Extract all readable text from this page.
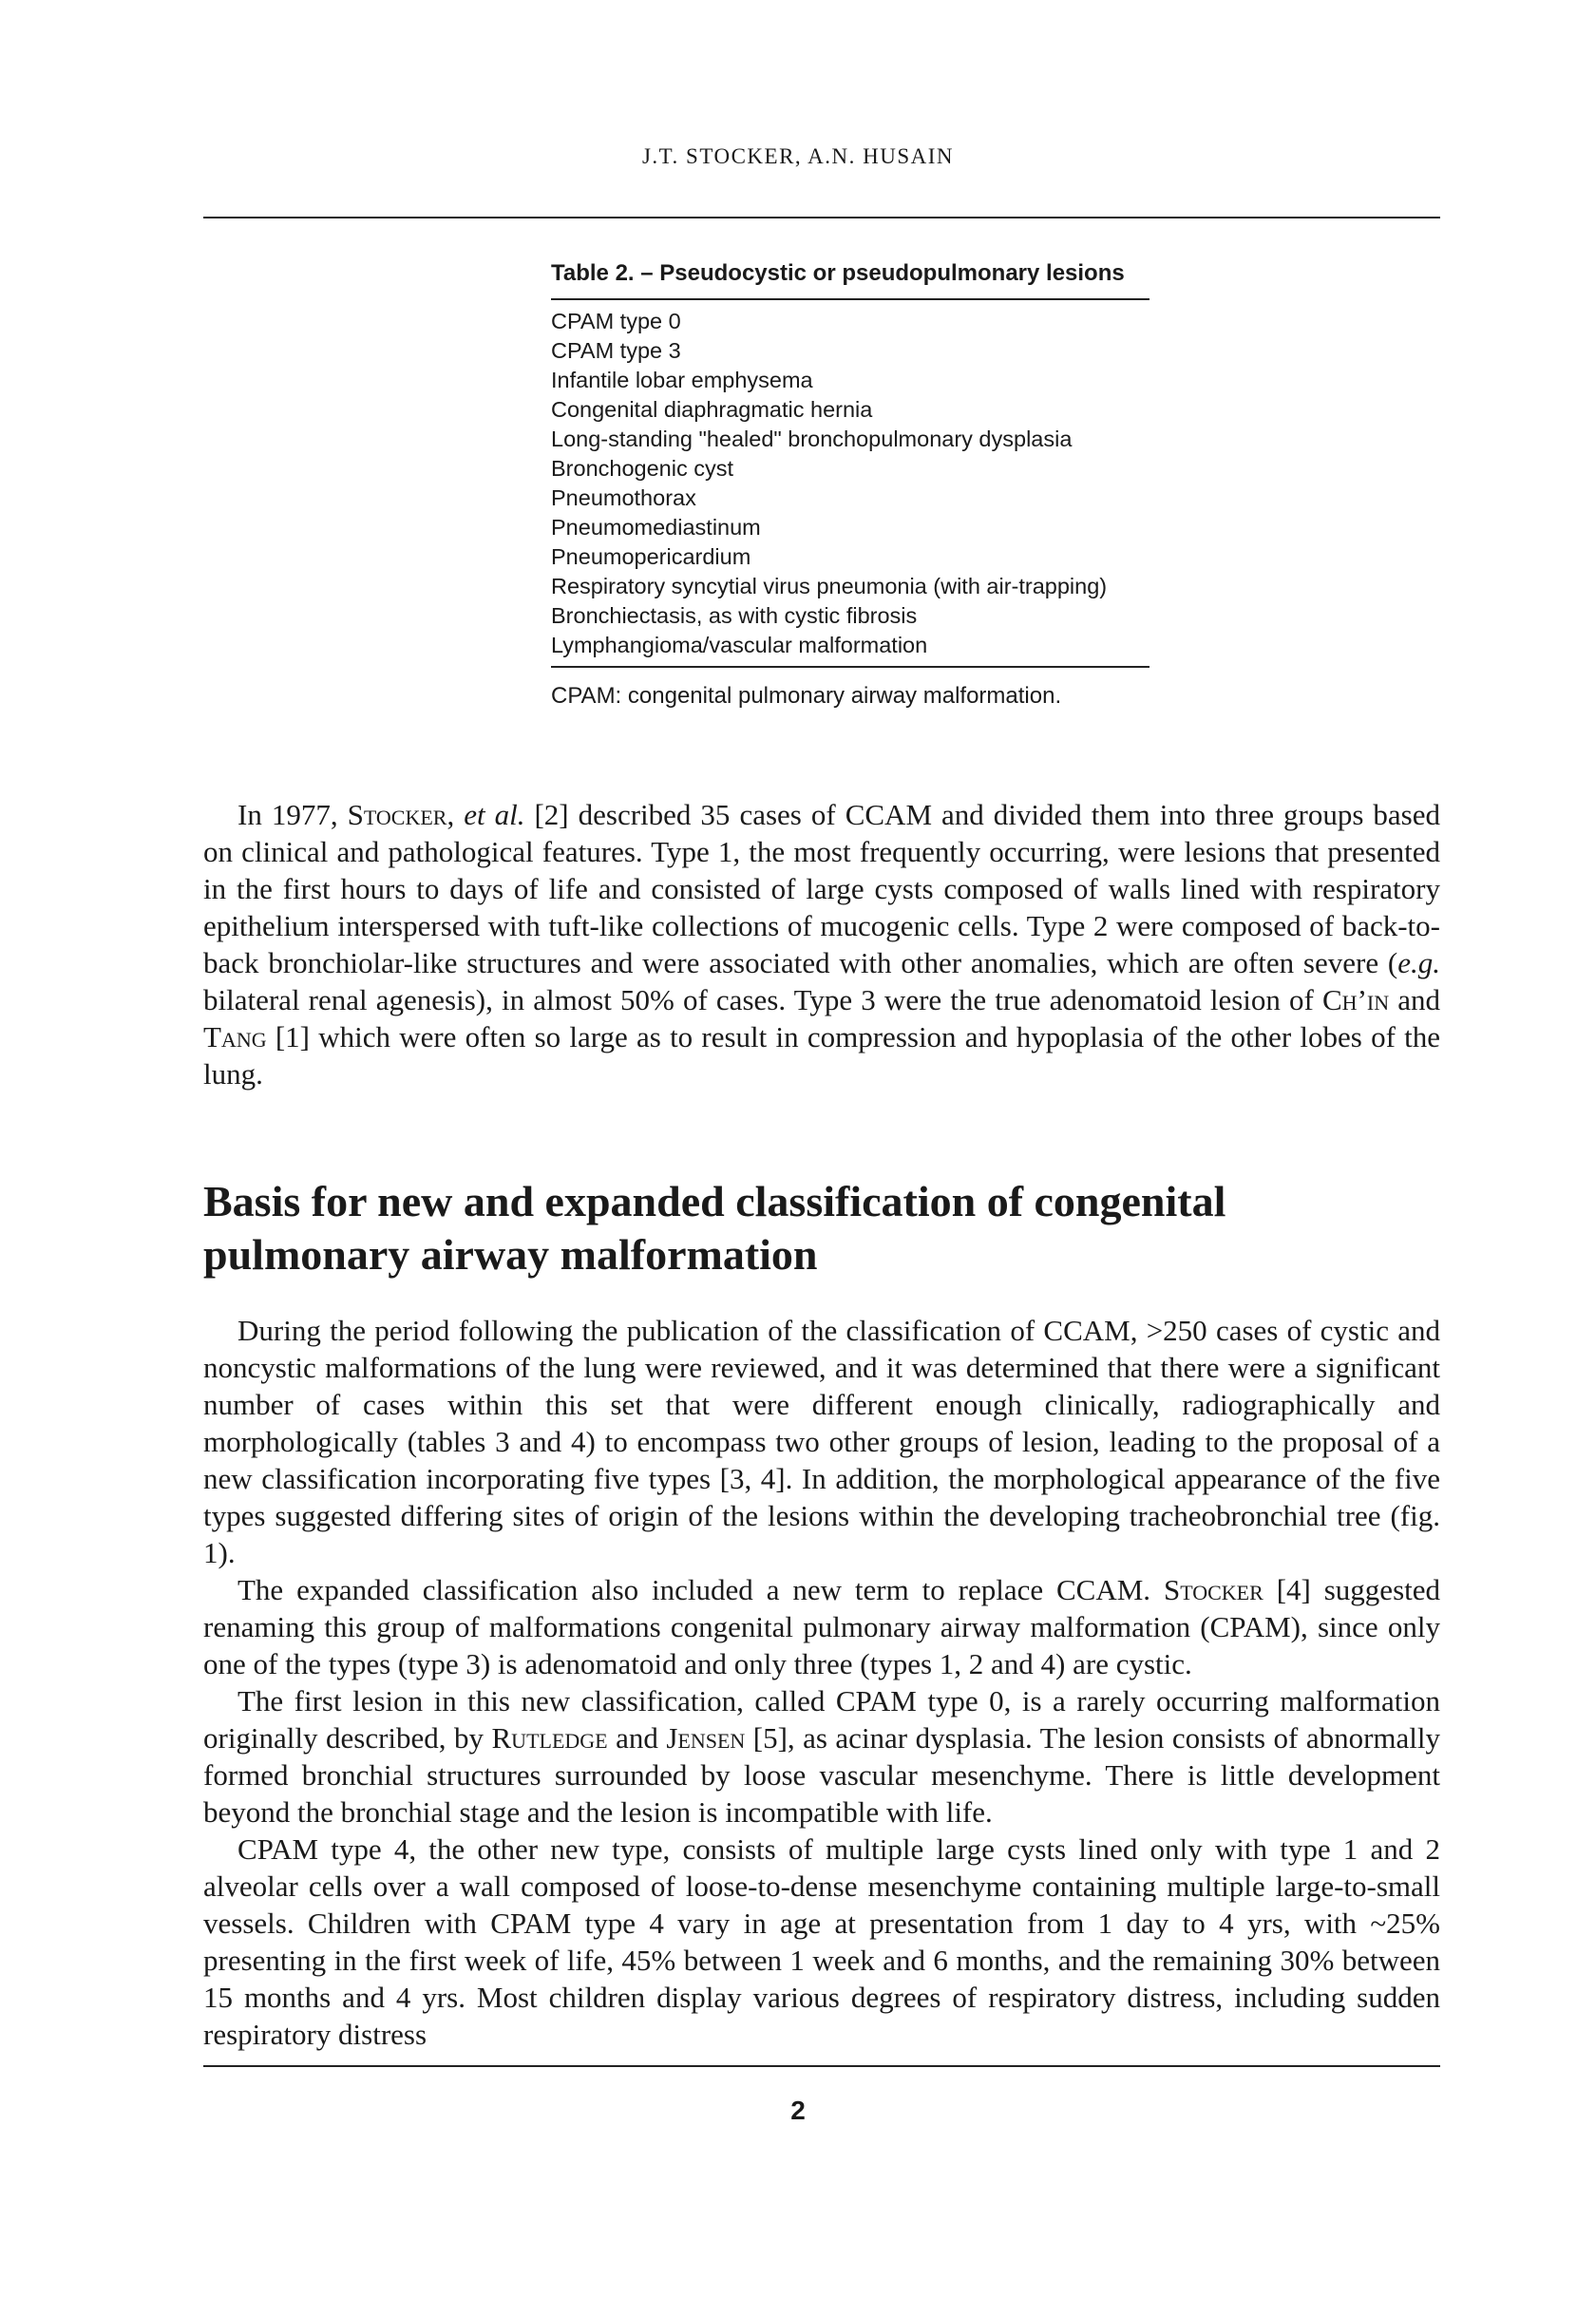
J.T. STOCKER, A.N. HUSAIN
Table 2. – Pseudocystic or pseudopulmonary lesions
CPAM type 0
CPAM type 3
Infantile lobar emphysema
Congenital diaphragmatic hernia
Long-standing "healed" bronchopulmonary dysplasia
Bronchogenic cyst
Pneumothorax
Pneumomediastinum
Pneumopericardium
Respiratory syncytial virus pneumonia (with air-trapping)
Bronchiectasis, as with cystic fibrosis
Lymphangioma/vascular malformation
CPAM: congenital pulmonary airway malformation.

In 1977, Stocker, et al. [2] described 35 cases of CCAM and divided them into three groups based on clinical and pathological features. Type 1, the most frequently occurring, were lesions that presented in the first hours to days of life and consisted of large cysts composed of walls lined with respiratory epithelium interspersed with tuft-like collections of mucogenic cells. Type 2 were composed of back-to-back bronchiolar-like structures and were associated with other anomalies, which are often severe (e.g. bilateral renal agenesis), in almost 50% of cases. Type 3 were the true adenomatoid lesion of Ch’in and Tang [1] which were often so large as to result in compression and hypoplasia of the other lobes of the lung.

Basis for new and expanded classification of congenital pulmonary airway malformation

During the period following the publication of the classification of CCAM, >250 cases of cystic and noncystic malformations of the lung were reviewed, and it was determined that there were a significant number of cases within this set that were different enough clinically, radiographically and morphologically (tables 3 and 4) to encompass two other groups of lesion, leading to the proposal of a new classification incorporating five types [3, 4]. In addition, the morphological appearance of the five types suggested differing sites of origin of the lesions within the developing tracheobronchial tree (fig. 1).

The expanded classification also included a new term to replace CCAM. Stocker [4] suggested renaming this group of malformations congenital pulmonary airway malformation (CPAM), since only one of the types (type 3) is adenomatoid and only three (types 1, 2 and 4) are cystic.

The first lesion in this new classification, called CPAM type 0, is a rarely occurring malformation originally described, by Rutledge and Jensen [5], as acinar dysplasia. The lesion consists of abnormally formed bronchial structures surrounded by loose vascular mesenchyme. There is little development beyond the bronchial stage and the lesion is incompatible with life.

CPAM type 4, the other new type, consists of multiple large cysts lined only with type 1 and 2 alveolar cells over a wall composed of loose-to-dense mesenchyme containing multiple large-to-small vessels. Children with CPAM type 4 vary in age at presentation from 1 day to 4 yrs, with ~25% presenting in the first week of life, 45% between 1 week and 6 months, and the remaining 30% between 15 months and 4 yrs. Most children display various degrees of respiratory distress, including sudden respiratory distress

2
